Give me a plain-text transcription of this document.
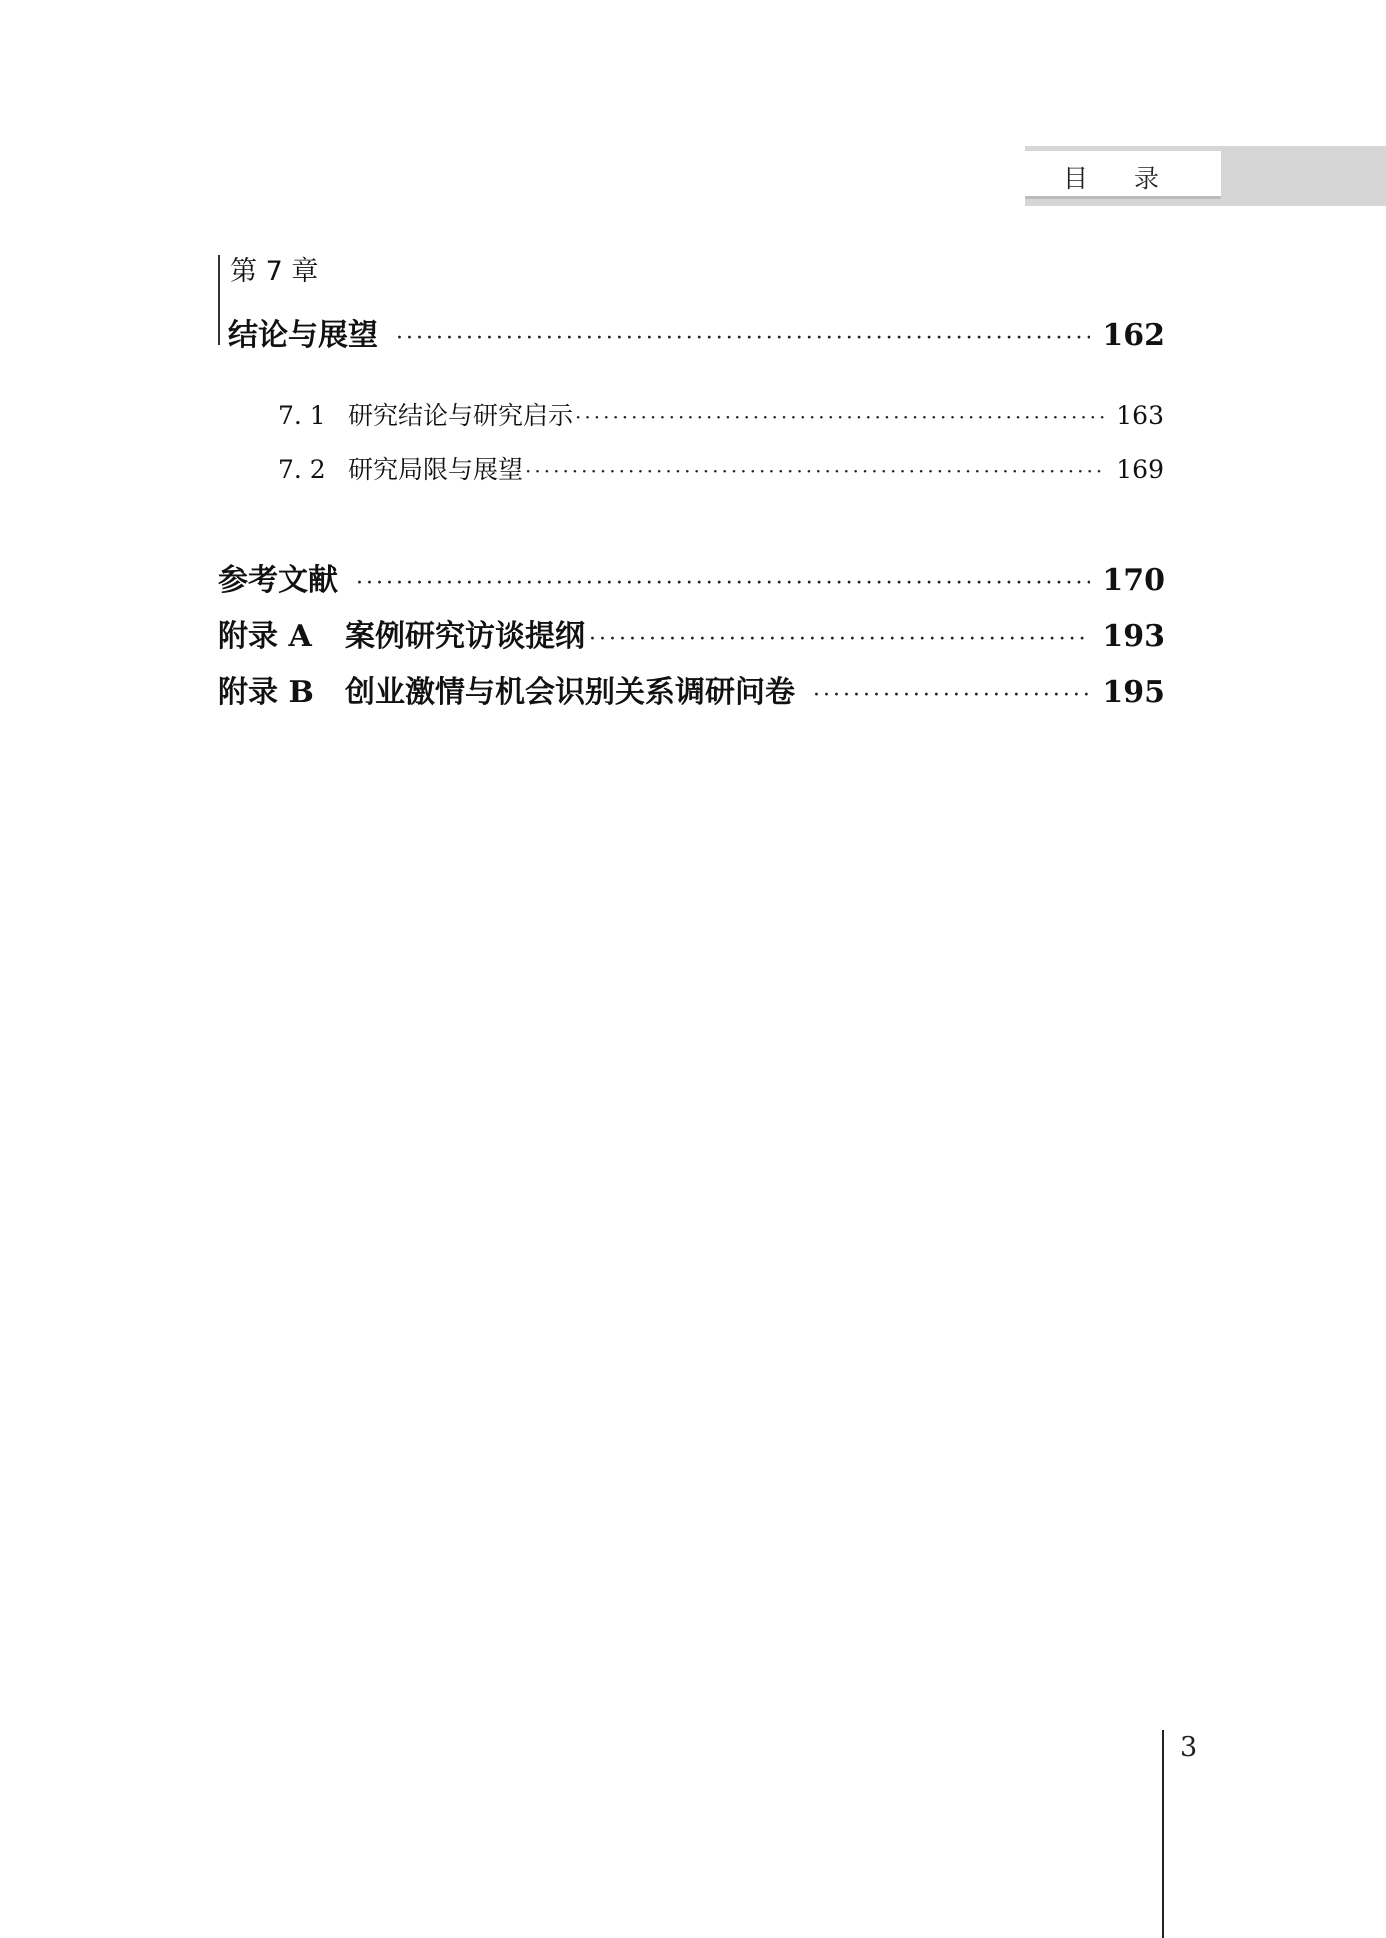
目录
第 7 章
结论与展望 ·····	162
7. 1 研究结论与研究启示 ·····	163
7. 2 研究局限与展望 ·····	169
参考文献 ·····	170
附录 A	案例研究访谈提纲 ·····	193
附录 B	创业激情与机会识别关系调研问卷 ·····	195
3
